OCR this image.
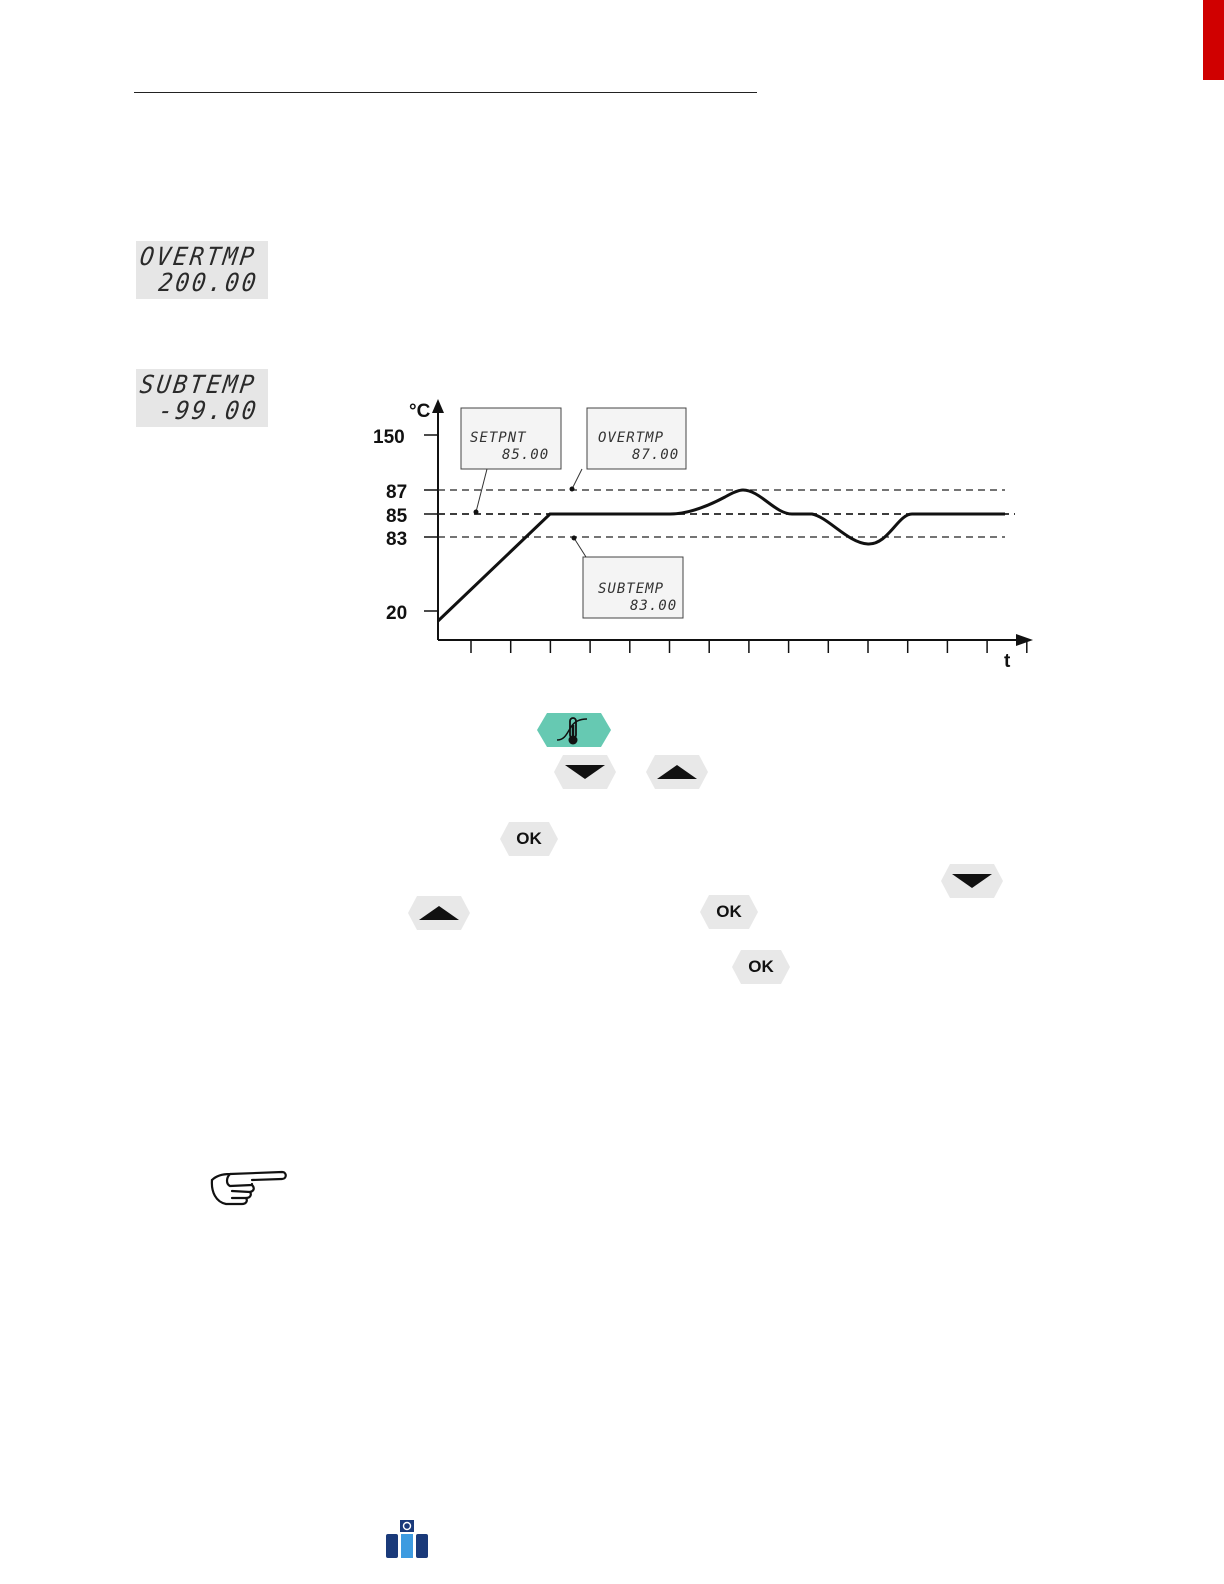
OVERTMP
200.00
SUBTEMP
-99.00	°C
t
150
87
85
83
20
SETPNT
85.00
OVERTMP
87.00
SUBTEMP
83.00
OK
OK
OK
